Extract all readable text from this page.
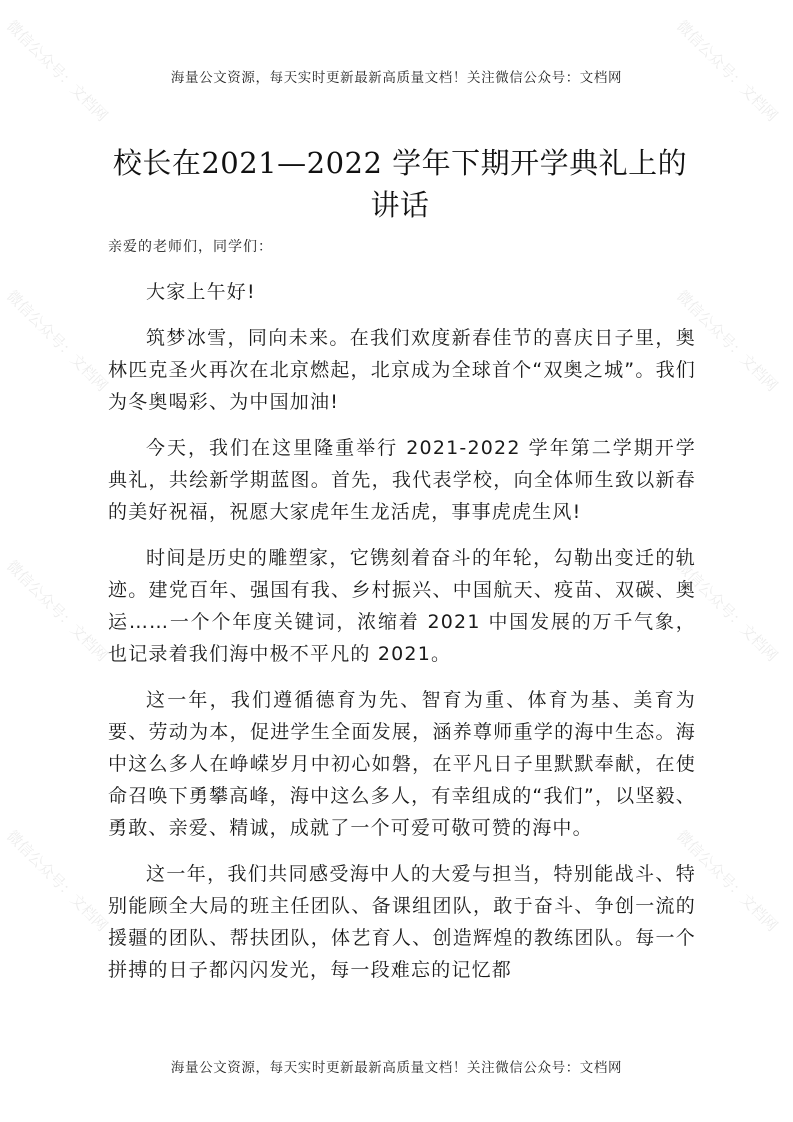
海量公文资源，每天实时更新最新高质量文档！关注微信公众号：文档网
校长在2021—2022 学年下期开学典礼上的讲话
亲爱的老师们，同学们：

大家上午好!

筑梦冰雪，同向未来。在我们欢度新春佳节的喜庆日子里，奥林匹克圣火再次在北京燃起，北京成为全球首个“双奥之城”。我们为冬奥喝彩、为中国加油!

今天，我们在这里隆重举行 2021-2022 学年第二学期开学典礼，共绘新学期蓝图。首先，我代表学校，向全体师生致以新春的美好祝福，祝愿大家虎年生龙活虎，事事虎虎生风!

时间是历史的雕塑家，它镌刻着奋斗的年轮，勾勒出变迁的轨迹。建党百年、强国有我、乡村振兴、中国航天、疫苗、双碳、奥运……一个个年度关键词，浓缩着 2021 中国发展的万千气象，也记录着我们海中极不平凡的 2021。

这一年，我们遵循德育为先、智育为重、体育为基、美育为要、劳动为本，促进学生全面发展，涵养尊师重学的海中生态。海中这么多人在峥嵘岁月中初心如磐，在平凡日子里默默奉献，在使命召唤下勇攀高峰，海中这么多人，有幸组成的“我们”，以坚毅、勇敢、亲爱、精诚，成就了一个可爱可敬可赞的海中。

这一年，我们共同感受海中人的大爱与担当，特别能战斗、特别能顾全大局的班主任团队、备课组团队，敢于奋斗、争创一流的援疆的团队、帮扶团队，体艺育人、创造辉煌的教练团队。每一个拼搏的日子都闪闪发光，每一段难忘的记忆都

微信公众号：文档网	微信公众号：文档网
微信公众号：文档网	微信公众号：文档网
微信公众号：文档网	微信公众号：文档网
微信公众号：文档网	微信公众号：文档网
海量公文资源，每天实时更新最新高质量文档！关注微信公众号：文档网
